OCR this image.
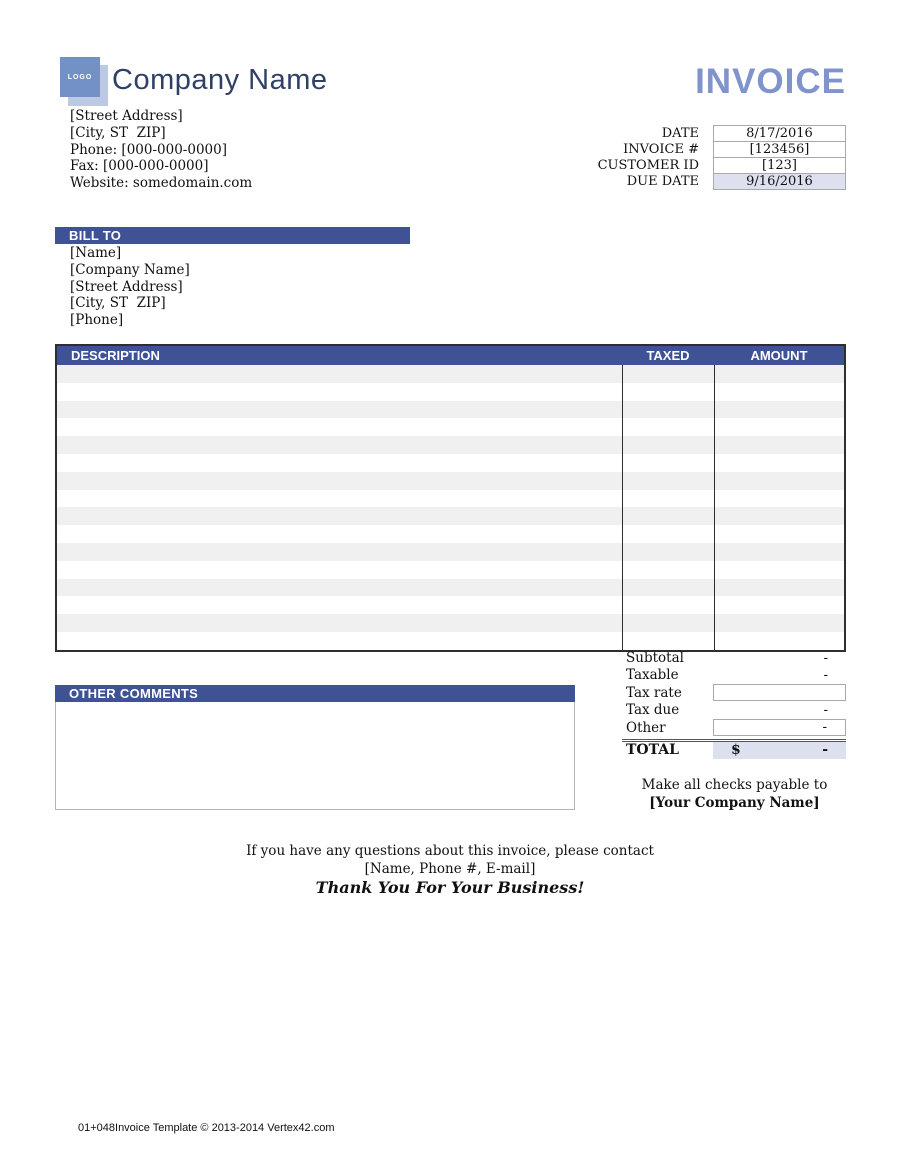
LOGO Company Name
[Street Address]
[City, ST  ZIP]
Phone: [000-000-0000]
Fax: [000-000-0000]
Website: somedomain.com
INVOICE
DATE	8/17/2016
INVOICE #	[123456]
CUSTOMER ID	[123]
DUE DATE	9/16/2016
BILL TO
[Name]
[Company Name]
[Street Address]
[City, ST  ZIP]
[Phone]
DESCRIPTION	TAXED	AMOUNT
Subtotal	-
Taxable	-
Tax rate
Tax due	-
Other	-
TOTAL	$	-
OTHER COMMENTS
Make all checks payable to
[Your Company Name]
If you have any questions about this invoice, please contact
[Name, Phone #, E-mail]
Thank You For Your Business!
01+048Invoice Template © 2013-2014 Vertex42.com
